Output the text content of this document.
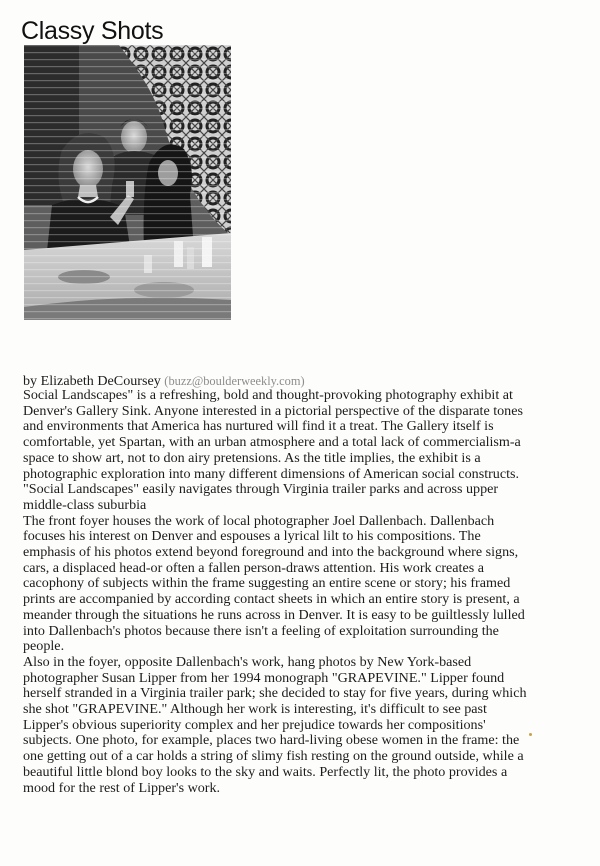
Classy Shots
by Elizabeth DeCoursey (buzz@boulderweekly.com)

Social Landscapes" is a refreshing, bold and thought-provoking photography exhibit at
Denver's Gallery Sink. Anyone interested in a pictorial perspective of the disparate tones
and environments that America has nurtured will find it a treat. The Gallery itself is
comfortable, yet Spartan, with an urban atmosphere and a total lack of commercialism-a
space to show art, not to don airy pretensions. As the title implies, the exhibit is a
photographic exploration into many different dimensions of American social constructs.
"Social Landscapes" easily navigates through Virginia trailer parks and across upper
middle-class suburbia

The front foyer houses the work of local photographer Joel Dallenbach. Dallenbach
focuses his interest on Denver and espouses a lyrical lilt to his compositions. The
emphasis of his photos extend beyond foreground and into the background where signs,
cars, a displaced head-or often a fallen person-draws attention. His work creates a
cacophony of subjects within the frame suggesting an entire scene or story; his framed
prints are accompanied by according contact sheets in which an entire story is present, a
meander through the situations he runs across in Denver. It is easy to be guiltlessly lulled
into Dallenbach's photos because there isn't a feeling of exploitation surrounding the
people.

Also in the foyer, opposite Dallenbach's work, hang photos by New York-based
photographer Susan Lipper from her 1994 monograph "GRAPEVINE." Lipper found
herself stranded in a Virginia trailer park; she decided to stay for five years, during which
she shot "GRAPEVINE." Although her work is interesting, it's difficult to see past
Lipper's obvious superiority complex and her prejudice towards her compositions'
subjects. One photo, for example, places two hard-living obese women in the frame: the
one getting out of a car holds a string of slimy fish resting on the ground outside, while a
beautiful little blond boy looks to the sky and waits. Perfectly lit, the photo provides a
mood for the rest of Lipper's work.
